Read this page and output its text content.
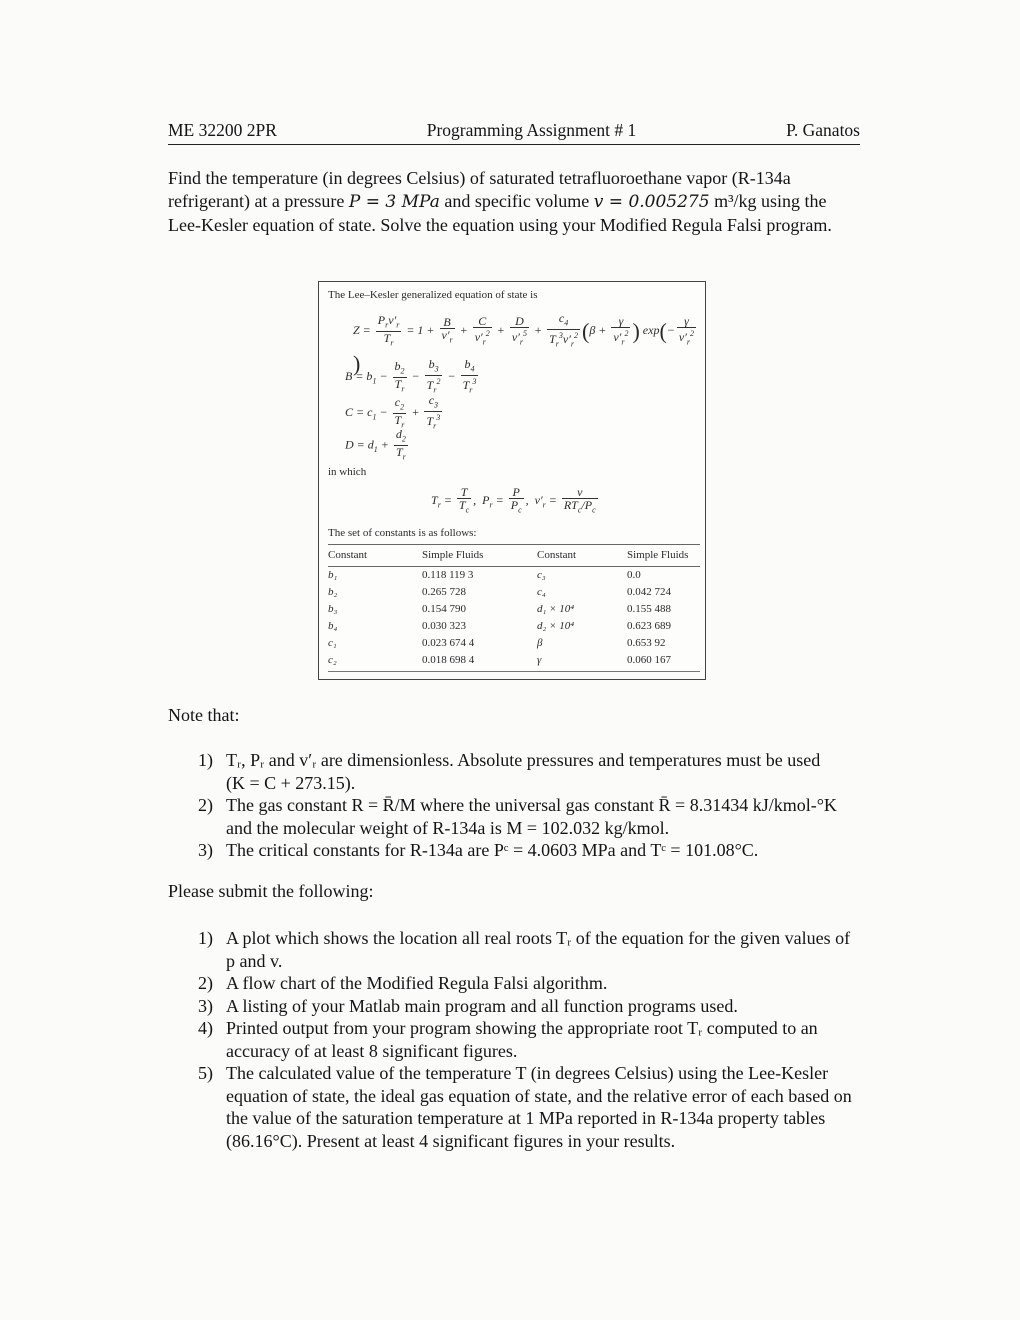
ME 32200 2PR	Programming Assignment # 1	P. Ganatos

Find the temperature (in degrees Celsius) of saturated tetrafluoroethane vapor (R-134a refrigerant) at a pressure P = 3 MPa and specific volume v = 0.005275 m³/kg using the Lee-Kesler equation of state. Solve the equation using your Modified Regula Falsi program.

The Lee–Kesler generalized equation of state is
$Z = \frac{P_rv'_r}{T_r} = 1 + \frac{B}{v'_r} + \frac{C}{v'_r^2} + \frac{D}{v'_r^5} + \frac{c_4}{T_r^3v'_r^2} (\beta + \frac{\gamma}{v'_r^2}$ ) $\exp(- \frac{\gamma}{v'_r^2}$
)
$B = b_1 - \frac{b_2}{T_r} - \frac{b_3}{T_r^2} - \frac{b_4}{T_r^3}$
$C = c_1 - \frac{c_2}{T_r} + \frac{c_3}{T_r^3}$
$D = d_1 + \frac{d_2}{T_r}$
in which
$T_r = \frac{T}{T_c}$ ,  $P_r = \frac{P}{P_c}$ ,  $v'_r = \frac{v}{RT_c/P_c}$
The set of constants is as follows:
Constant	Simple Fluids	Constant	Simple Fluids
b₁	0.118 119 3	c₃	0.0
b₂	0.265 728	c₄	0.042 724
b₃	0.154 790	d₁ × 10⁴	0.155 488
b₄	0.030 323	d₂ × 10⁴	0.623 689
c₁	0.023 674 4	β	0.653 92
c₂	0.018 698 4	γ	0.060 167
Note that:
1) Tᵣ, Pᵣ and v′ᵣ are dimensionless. Absolute pressures and temperatures must be used (K = C + 273.15).
2) The gas constant R = R̄/M where the universal gas constant R̄ = 8.31434 kJ/kmol-°K and the molecular weight of R-134a is M = 102.032 kg/kmol.
3) The critical constants for R-134a are Pᶜ = 4.0603 MPa and Tᶜ = 101.08°C.
Please submit the following:
1) A plot which shows the location all real roots Tᵣ of the equation for the given values of p and v.
2) A flow chart of the Modified Regula Falsi algorithm.
3) A listing of your Matlab main program and all function programs used.
4) Printed output from your program showing the appropriate root Tᵣ computed to an accuracy of at least 8 significant figures.
5) The calculated value of the temperature T (in degrees Celsius) using the Lee-Kesler equation of state, the ideal gas equation of state, and the relative error of each based on the value of the saturation temperature at 1 MPa reported in R-134a property tables (86.16°C). Present at least 4 significant figures in your results.
